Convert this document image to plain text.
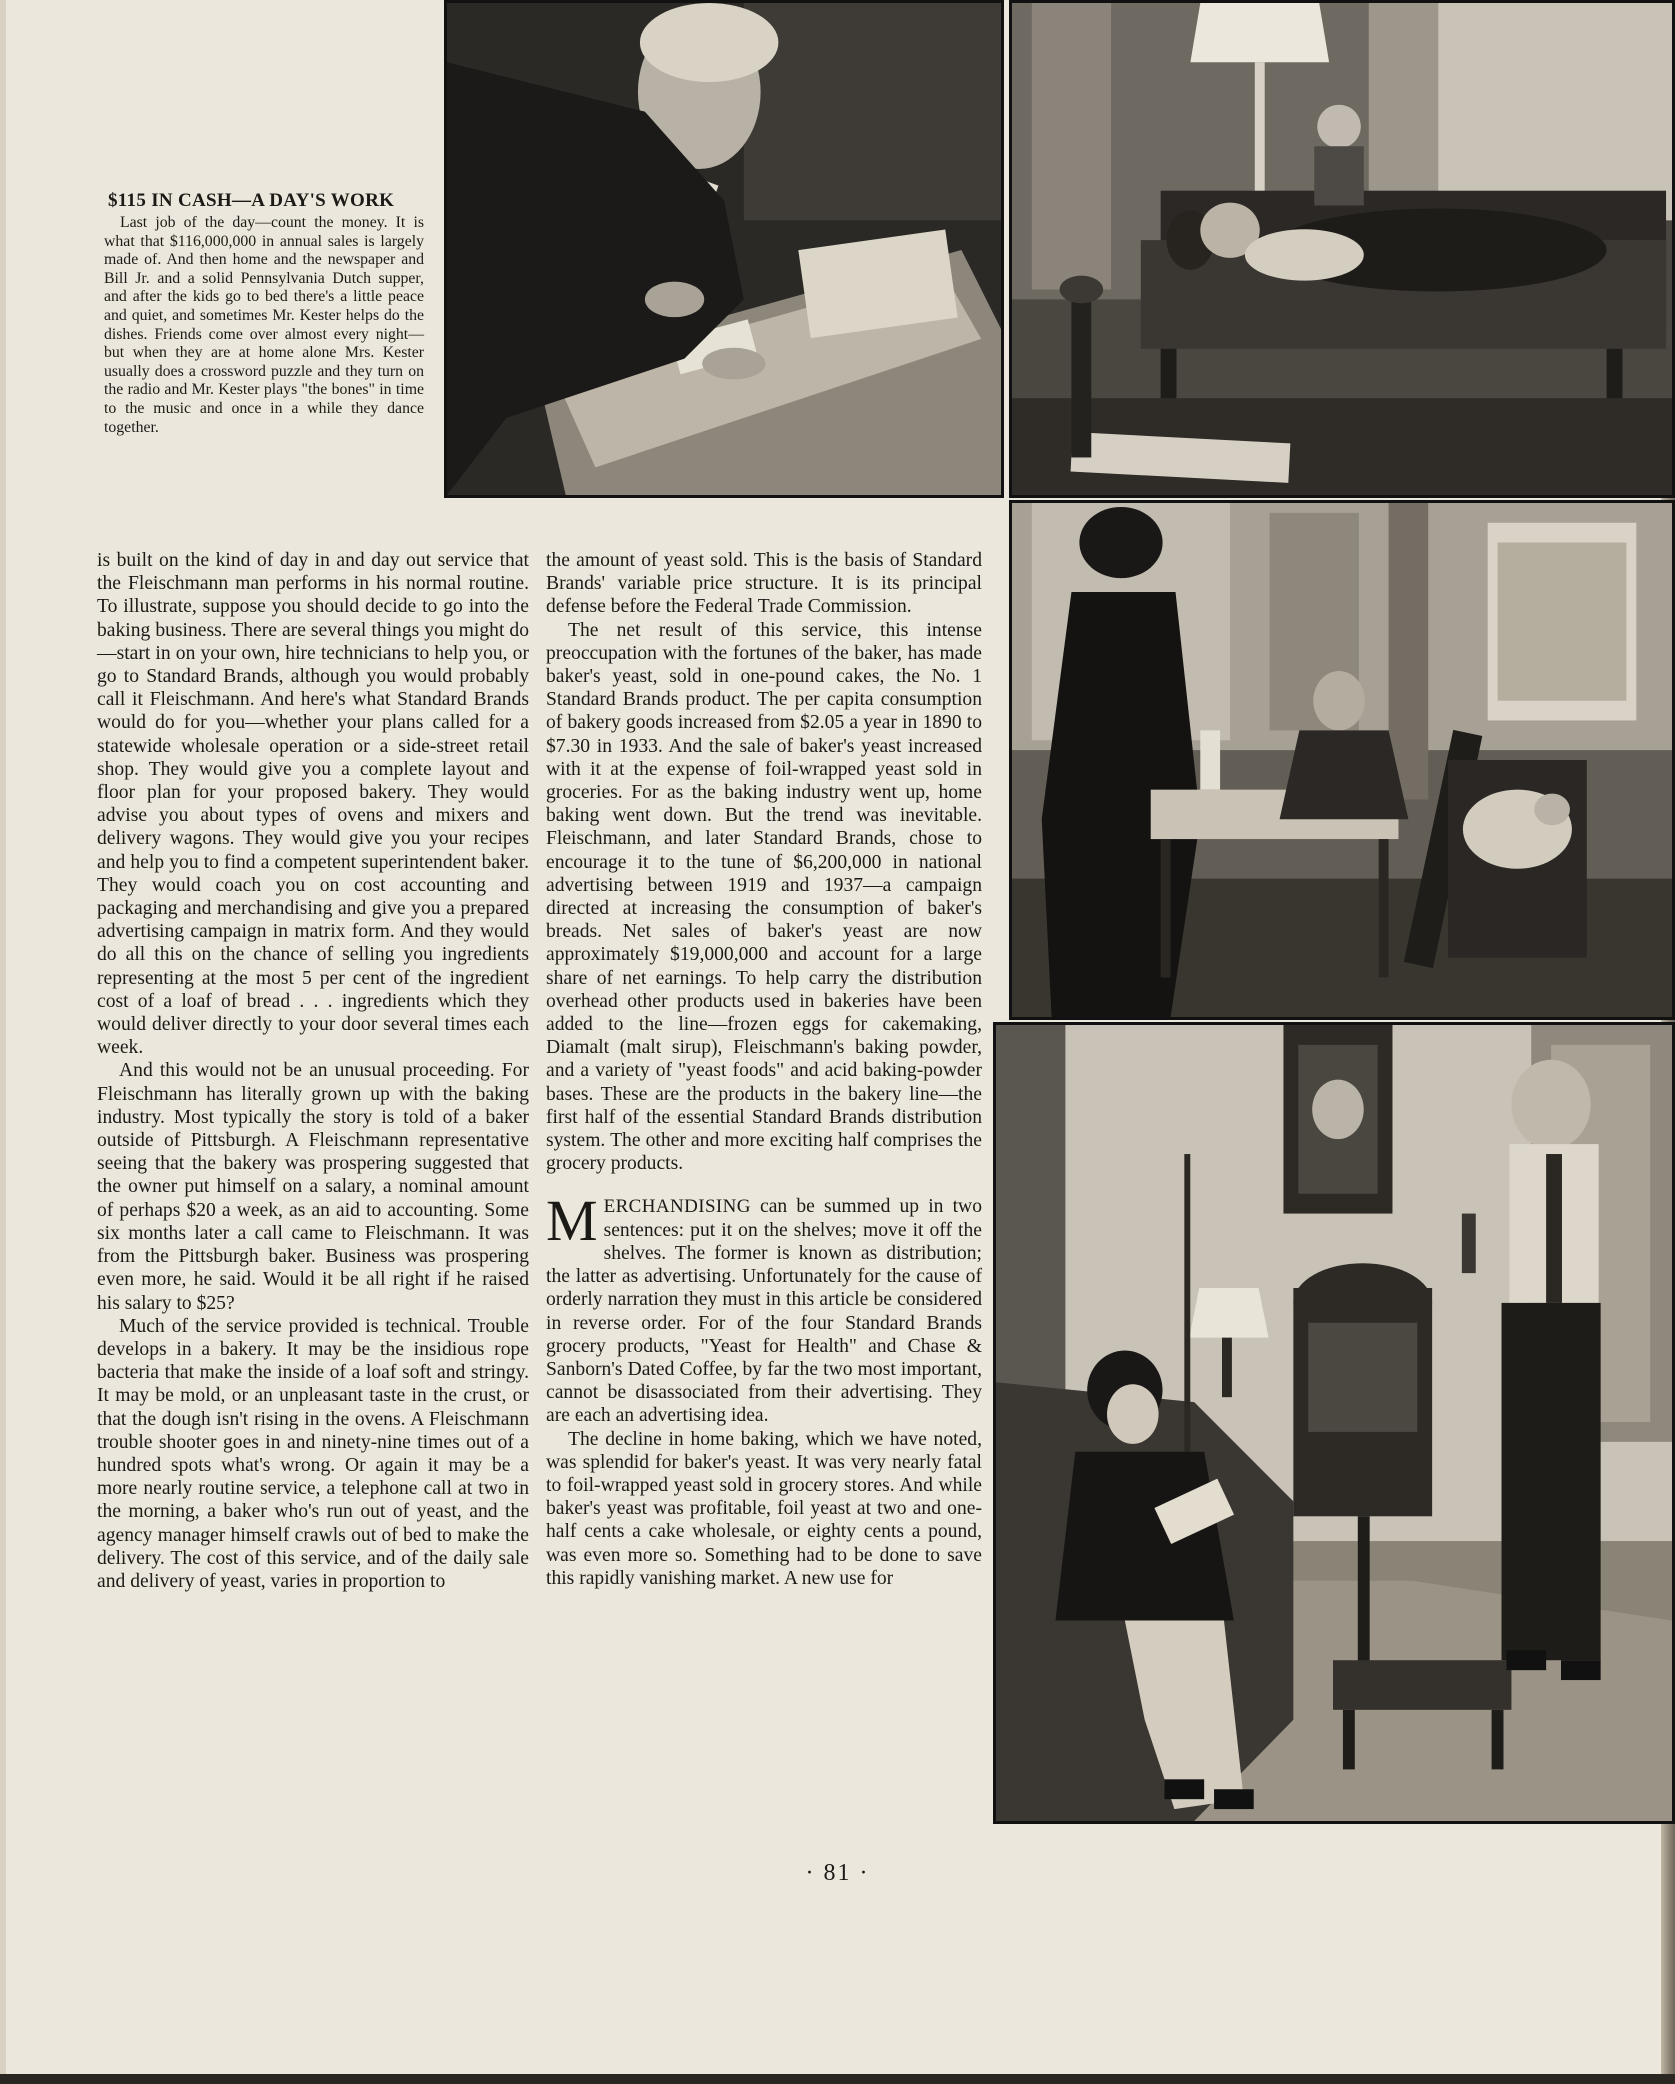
$115 IN CASH—A DAY'S WORK

Last job of the day—count the money. It is what that $116,000,000 in annual sales is largely made of. And then home and the newspaper and Bill Jr. and a solid Pennsylvania Dutch supper, and after the kids go to bed there's a little peace and quiet, and sometimes Mr. Kester helps do the dishes. Friends come over almost every night—but when they are at home alone Mrs. Kester usually does a crossword puzzle and they turn on the radio and Mr. Kester plays "the bones" in time to the music and once in a while they dance together.

is built on the kind of day in and day out service that the Fleischmann man performs in his normal routine. To illustrate, suppose you should decide to go into the baking business. There are several things you might do—start in on your own, hire technicians to help you, or go to Standard Brands, although you would probably call it Fleischmann. And here's what Standard Brands would do for you—whether your plans called for a statewide wholesale operation or a side-street retail shop. They would give you a complete layout and floor plan for your proposed bakery. They would advise you about types of ovens and mixers and delivery wagons. They would give you your recipes and help you to find a competent superintendent baker. They would coach you on cost accounting and packaging and merchandising and give you a prepared advertising campaign in matrix form. And they would do all this on the chance of selling you ingredients representing at the most 5 per cent of the ingredient cost of a loaf of bread . . . ingredients which they would deliver directly to your door several times each week.

And this would not be an unusual proceeding. For Fleischmann has literally grown up with the baking industry. Most typically the story is told of a baker outside of Pittsburgh. A Fleischmann representative seeing that the bakery was prospering suggested that the owner put himself on a salary, a nominal amount of perhaps $20 a week, as an aid to accounting. Some six months later a call came to Fleischmann. It was from the Pittsburgh baker. Business was prospering even more, he said. Would it be all right if he raised his salary to $25?

Much of the service provided is technical. Trouble develops in a bakery. It may be the insidious rope bacteria that make the inside of a loaf soft and stringy. It may be mold, or an unpleasant taste in the crust, or that the dough isn't rising in the ovens. A Fleischmann trouble shooter goes in and ninety-nine times out of a hundred spots what's wrong. Or again it may be a more nearly routine service, a telephone call at two in the morning, a baker who's run out of yeast, and the agency manager himself crawls out of bed to make the delivery. The cost of this service, and of the daily sale and delivery of yeast, varies in proportion to

the amount of yeast sold. This is the basis of Standard Brands' variable price structure. It is its principal defense before the Federal Trade Commission.

The net result of this service, this intense preoccupation with the fortunes of the baker, has made baker's yeast, sold in one-pound cakes, the No. 1 Standard Brands product. The per capita consumption of bakery goods increased from $2.05 a year in 1890 to $7.30 in 1933. And the sale of baker's yeast increased with it at the expense of foil-wrapped yeast sold in groceries. For as the baking industry went up, home baking went down. But the trend was inevitable. Fleischmann, and later Standard Brands, chose to encourage it to the tune of $6,200,000 in national advertising between 1919 and 1937—a campaign directed at increasing the consumption of baker's breads. Net sales of baker's yeast are now approximately $19,000,000 and account for a large share of net earnings. To help carry the distribution overhead other products used in bakeries have been added to the line—frozen eggs for cakemaking, Diamalt (malt sirup), Fleischmann's baking powder, and a variety of "yeast foods" and acid baking-powder bases. These are the products in the bakery line—the first half of the essential Standard Brands distribution system. The other and more exciting half comprises the grocery products.

MERCHANDISING can be summed up in two sentences: put it on the shelves; move it off the shelves. The former is known as distribution; the latter as advertising. Unfortunately for the cause of orderly narration they must in this article be considered in reverse order. For of the four Standard Brands grocery products, "Yeast for Health" and Chase & Sanborn's Dated Coffee, by far the two most important, cannot be disassociated from their advertising. They are each an advertising idea.

The decline in home baking, which we have noted, was splendid for baker's yeast. It was very nearly fatal to foil-wrapped yeast sold in grocery stores. And while baker's yeast was profitable, foil yeast at two and one-half cents a cake wholesale, or eighty cents a pound, was even more so. Something had to be done to save this rapidly vanishing market. A new use for

· 81 ·
